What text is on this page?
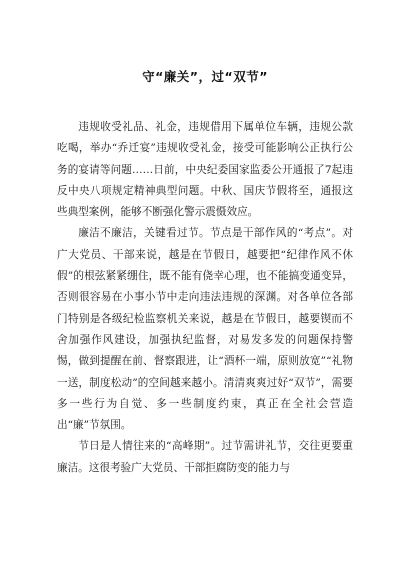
守“廉关”，过“双节”

违规收受礼品、礼金，违规借用下属单位车辆，违规公款吃喝，举办“乔迁宴”违规收受礼金，接受可能影响公正执行公务的宴请等问题……日前，中央纪委国家监委公开通报了7起违反中央八项规定精神典型问题。中秋、国庆节假将至，通报这些典型案例，能够不断强化警示震慑效应。

廉洁不廉洁，关键看过节。节点是干部作风的“考点”。对广大党员、干部来说，越是在节假日，越要把“纪律作风不休假”的根弦紧紧绷住，既不能有侥幸心理，也不能搞变通变异，否则很容易在小事小节中走向违法违规的深渊。对各单位各部门特别是各级纪检监察机关来说，越是在节假日，越要锲而不舍加强作风建设，加强执纪监督，对易发多发的问题保持警惕，做到提醒在前、督察跟进，让“酒杯一端，原则放宽”“礼物一送，制度松动”的空间越来越小。清清爽爽过好“双节”，需要多一些行为自觉、多一些制度约束，真正在全社会营造出“廉”节氛围。

节日是人情往来的“高峰期”。过节需讲礼节，交往更要重廉洁。这很考验广大党员、干部拒腐防变的能力与
